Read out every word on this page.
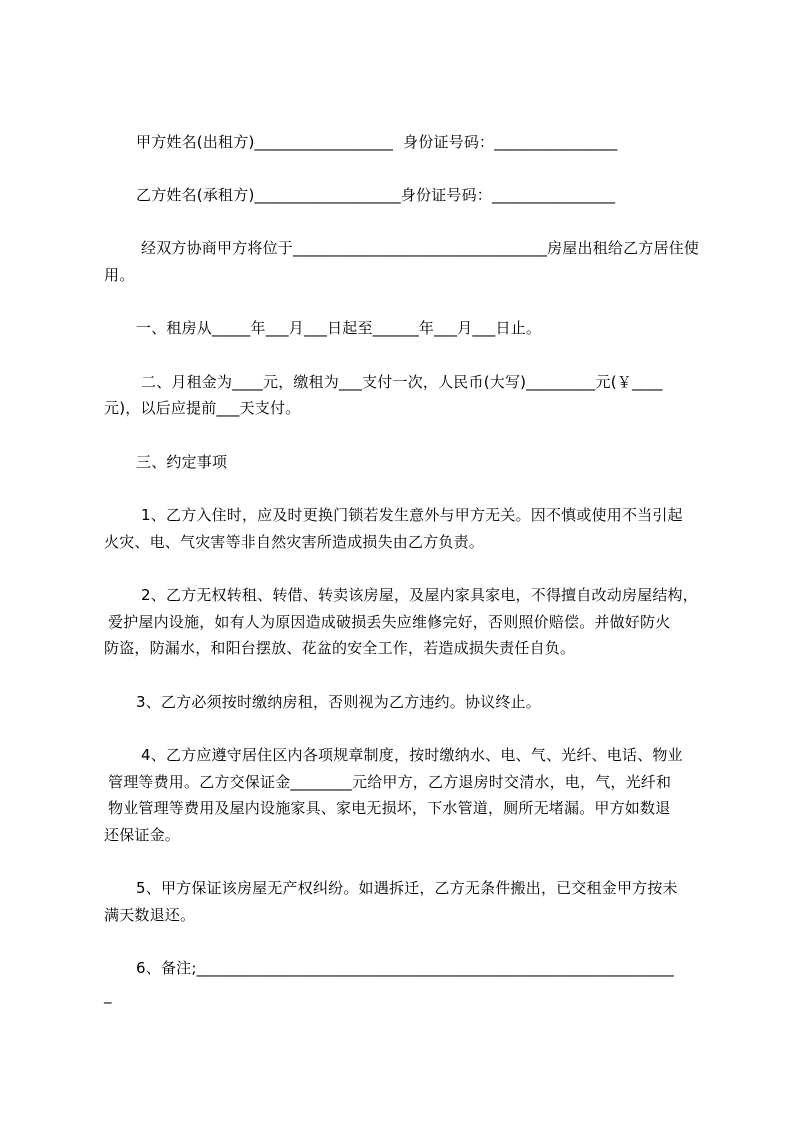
甲方姓名(出租方)__________________  身份证号码：________________
乙方姓名(承租方)___________________身份证号码：________________
经双方协商甲方将位于_________________________________房屋出租给乙方居住使
用。
一、租房从_____年___月___日起至______年___月___日止。
二、月租金为____元，缴租为___支付一次，人民币(大写)_________元(￥____
元)，以后应提前___天支付。
三、约定事项
1、乙方入住时，应及时更换门锁若发生意外与甲方无关。因不慎或使用不当引起
火灾、电、气灾害等非自然灾害所造成损失由乙方负责。
2、乙方无权转租、转借、转卖该房屋，及屋内家具家电，不得擅自改动房屋结构，
爱护屋内设施，如有人为原因造成破损丢失应维修完好，否则照价赔偿。并做好防火
防盗，防漏水，和阳台摆放、花盆的安全工作，若造成损失责任自负。
3、乙方必须按时缴纳房租，否则视为乙方违约。协议终止。
4、乙方应遵守居住区内各项规章制度，按时缴纳水、电、气、光纤、电话、物业
管理等费用。乙方交保证金________元给甲方，乙方退房时交清水，电，气，光纤和
物业管理等费用及屋内设施家具、家电无损坏，下水管道，厕所无堵漏。甲方如数退
还保证金。
5、甲方保证该房屋无产权纠纷。如遇拆迁，乙方无条件搬出，已交租金甲方按未
满天数退还。
6、备注;______________________________________________________________
_
